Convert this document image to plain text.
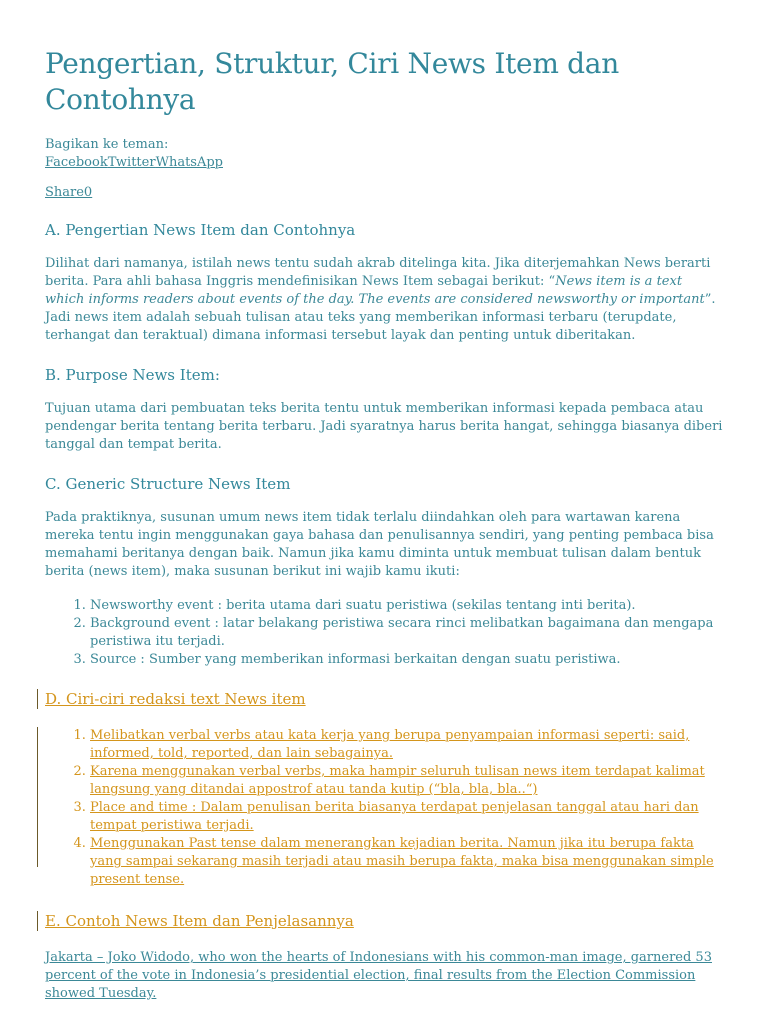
Pengertian, Struktur, Ciri News Item dan Contohnya
Bagikan ke teman:
FacebookTwitterWhatsApp
Share0
A. Pengertian News Item dan Contohnya

Dilihat dari namanya, istilah news tentu sudah akrab ditelinga kita. Jika diterjemahkan News berarti berita. Para ahli bahasa Inggris mendefinisikan News Item sebagai berikut: “News item is a text which informs readers about events of the day. The events are considered newsworthy or important”. Jadi news item adalah sebuah tulisan atau teks yang memberikan informasi terbaru (terupdate, terhangat dan teraktual) dimana informasi tersebut layak dan penting untuk diberitakan.

B. Purpose News Item:

Tujuan utama dari pembuatan teks berita tentu untuk memberikan informasi kepada pembaca atau pendengar berita tentang berita terbaru. Jadi syaratnya harus berita hangat, sehingga biasanya diberi tanggal dan tempat berita.

C. Generic Structure News Item

Pada praktiknya, susunan umum news item tidak terlalu diindahkan oleh para wartawan karena mereka tentu ingin menggunakan gaya bahasa dan penulisannya sendiri, yang penting pembaca bisa memahami beritanya dengan baik. Namun jika kamu diminta untuk membuat tulisan dalam bentuk berita (news item), maka susunan berikut ini wajib kamu ikuti:

1. Newsworthy event : berita utama dari suatu peristiwa (sekilas tentang inti berita).
2. Background event : latar belakang peristiwa secara rinci melibatkan bagaimana dan mengapa peristiwa itu terjadi.
3. Source : Sumber yang memberikan informasi berkaitan dengan suatu peristiwa.
D. Ciri-ciri redaksi text News item
1. Melibatkan verbal verbs atau kata kerja yang berupa penyampaian informasi seperti: said, informed, told, reported, dan lain sebagainya.
2. Karena menggunakan verbal verbs, maka hampir seluruh tulisan news item terdapat kalimat langsung yang ditandai appostrof atau tanda kutip (“bla, bla, bla..“)
3. Place and time : Dalam penulisan berita biasanya terdapat penjelasan tanggal atau hari dan tempat peristiwa terjadi.
4. Menggunakan Past tense dalam menerangkan kejadian berita. Namun jika itu berupa fakta yang sampai sekarang masih terjadi atau masih berupa fakta, maka bisa menggunakan simple present tense.
E. Contoh News Item dan Penjelasannya

Jakarta – Joko Widodo, who won the hearts of Indonesians with his common-man image, garnered 53 percent of the vote in Indonesia’s presidential election, final results from the Election Commission showed Tuesday.
